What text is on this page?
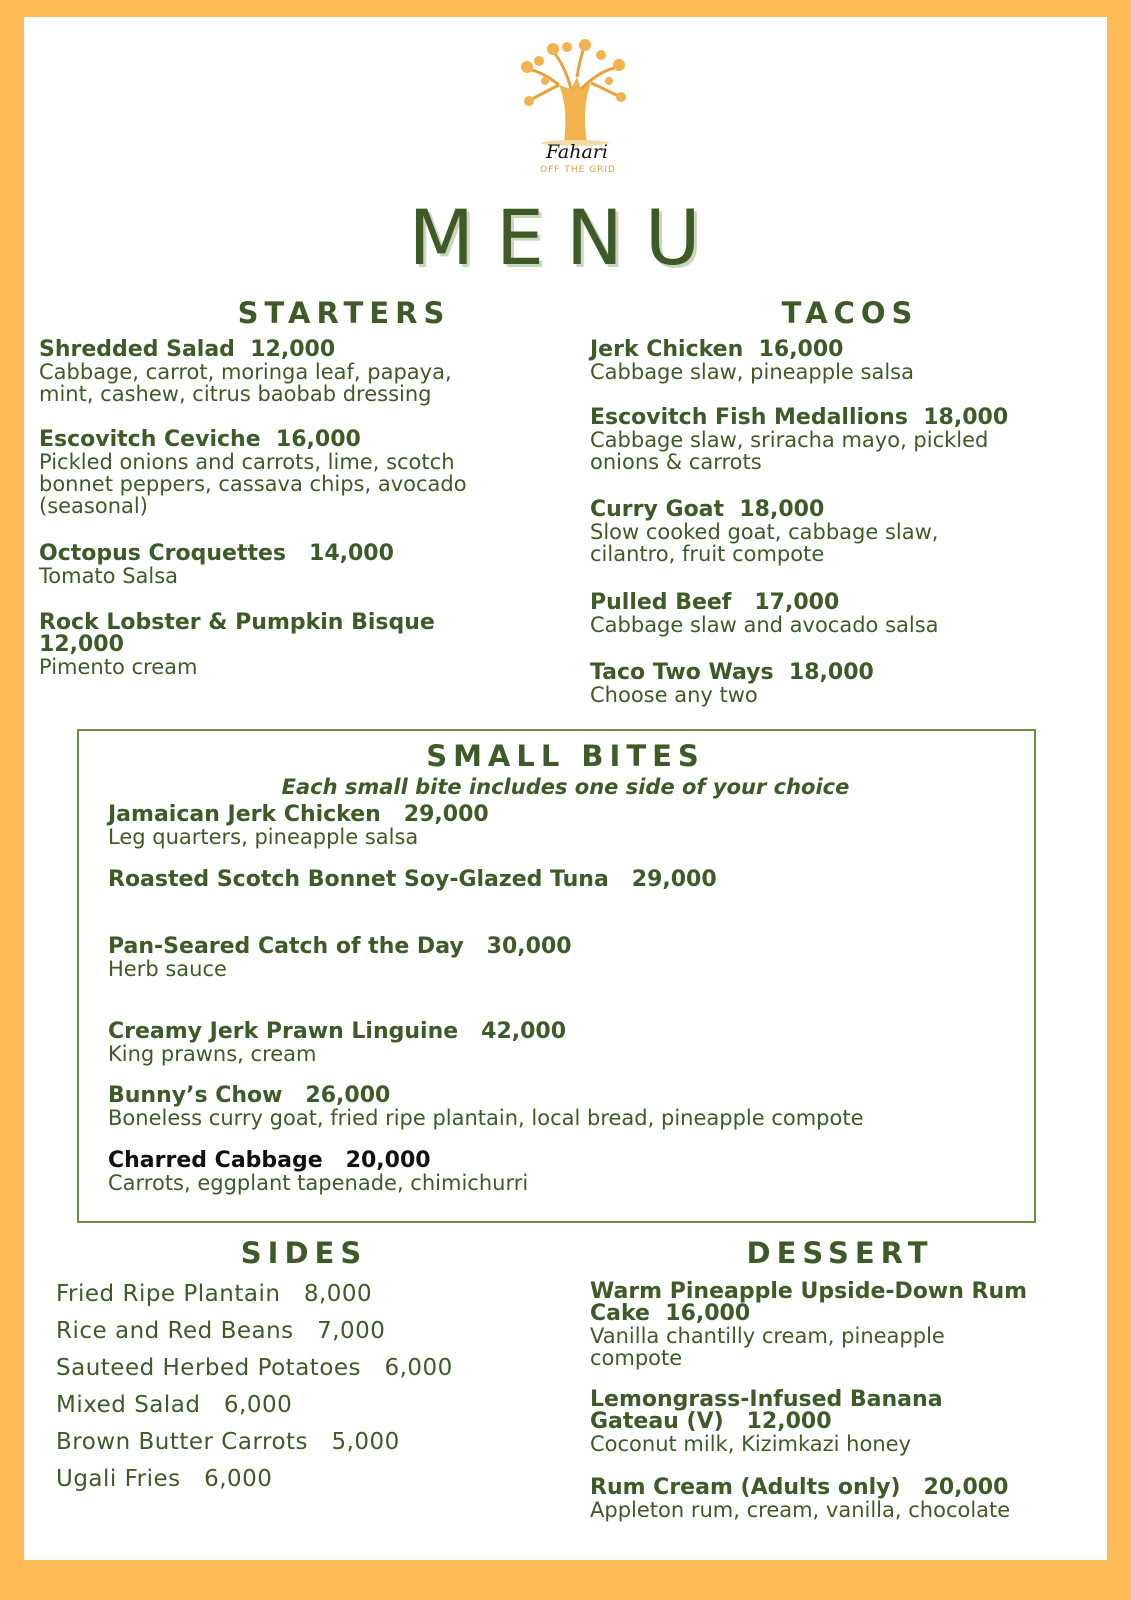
Fahari
OFF THE GRID
MENU
STARTERS
Shredded Salad  12,000
Cabbage, carrot, moringa leaf, papaya,
mint, cashew, citrus baobab dressing
Escovitch Ceviche  16,000
Pickled onions and carrots, lime, scotch
bonnet peppers, cassava chips, avocado
(seasonal)
Octopus Croquettes   14,000
Tomato Salsa
Rock Lobster & Pumpkin Bisque
12,000
Pimento cream
TACOS
Jerk Chicken  16,000
Cabbage slaw, pineapple salsa
Escovitch Fish Medallions  18,000
Cabbage slaw, sriracha mayo, pickled
onions & carrots
Curry Goat  18,000
Slow cooked goat, cabbage slaw,
cilantro, fruit compote
Pulled Beef   17,000
Cabbage slaw and avocado salsa
Taco Two Ways  18,000
Choose any two
SMALL BITES
Each small bite includes one side of your choice
Jamaican Jerk Chicken   29,000
Leg quarters, pineapple salsa
Roasted Scotch Bonnet Soy-Glazed Tuna   29,000
Pan-Seared Catch of the Day   30,000
Herb sauce
Creamy Jerk Prawn Linguine   42,000
King prawns, cream
Bunny’s Chow   26,000
Boneless curry goat, fried ripe plantain, local bread, pineapple compote
Charred Cabbage   20,000
Carrots, eggplant tapenade, chimichurri
SIDES
Fried Ripe Plantain   8,000
Rice and Red Beans   7,000
Sauteed Herbed Potatoes   6,000
Mixed Salad   6,000
Brown Butter Carrots   5,000
Ugali Fries   6,000
DESSERT
Warm Pineapple Upside-Down Rum
Cake  16,000
Vanilla chantilly cream, pineapple
compote
Lemongrass-Infused Banana
Gateau (V)   12,000
Coconut milk, Kizimkazi honey
Rum Cream (Adults only)   20,000
Appleton rum, cream, vanilla, chocolate
